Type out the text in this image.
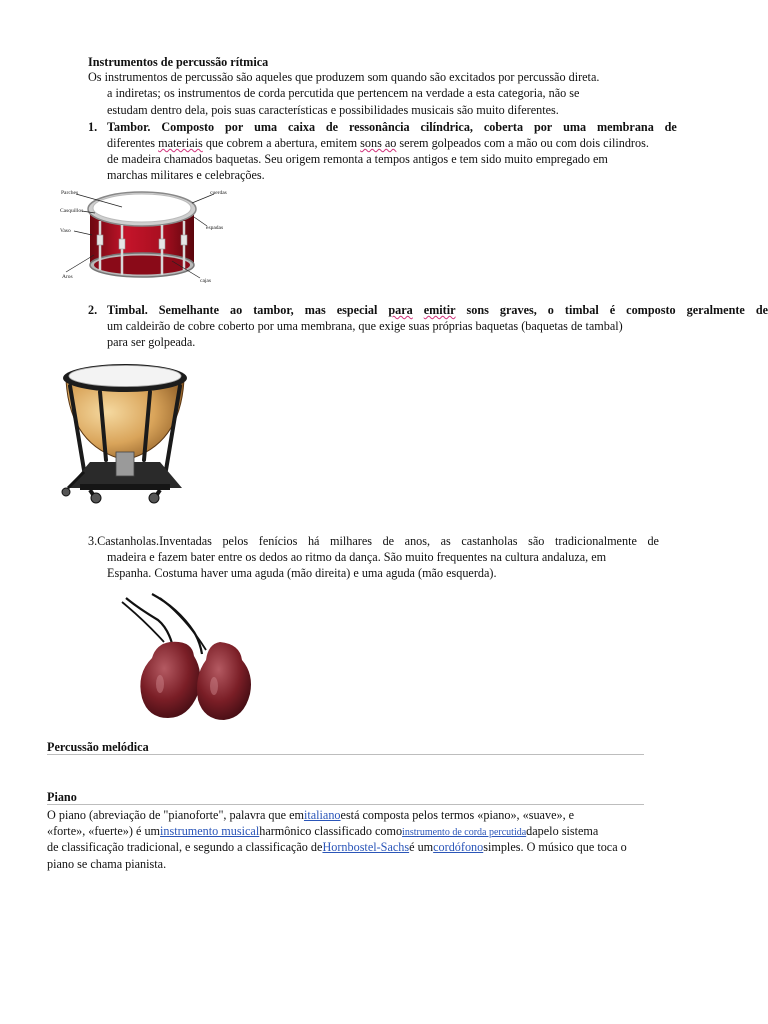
Instrumentos de percussão rítmica
Os instrumentos de percussão são aqueles que produzem som quando são excitados por percussão direta.
a indiretas; os instrumentos de corda percutida que pertencem na verdade a esta categoria, não se
estudam dentro dela, pois suas características e possibilidades musicais são muito diferentes.
1. Tambor. Composto por uma caixa de ressonância cilíndrica, coberta por uma membrana de
diferentes materiais que cobrem a abertura, emitem sons ao serem golpeados com a mão ou com dois cilindros.
de madeira chamados baquetas. Seu origem remonta a tempos antigos e tem sido muito empregado em
marchas militares e celebrações.
Parches
Casquillos
Vaso
Aros
cuerdas
espadas
cajas
2. Timbal. Semelhante ao tambor, mas especial para emitir sons graves, o timbal é composto geralmente de
um caldeirão de cobre coberto por uma membrana, que exige suas próprias baquetas (baquetas de tambal)
para ser golpeada.
3.Castanholas.Inventadas pelos fenícios há milhares de anos, as castanholas são tradicionalmente de
madeira e fazem bater entre os dedos ao ritmo da dança. São muito frequentes na cultura andaluza, em
Espanha. Costuma haver uma aguda (mão direita) e uma aguda (mão esquerda).
Percussão melódica
Piano
O piano (abreviação de "pianoforte", palavra que emitalianoestá composta pelos termos «piano», «suave», e
«forte», «fuerte») é uminstrumento musicalharmônico classificado comoinstrumento de corda percutidadapelo sistema
de classificação tradicional, e segundo a classificação deHornbostel-Sachsé umcordófonosimples. O músico que toca o
piano se chama pianista.
